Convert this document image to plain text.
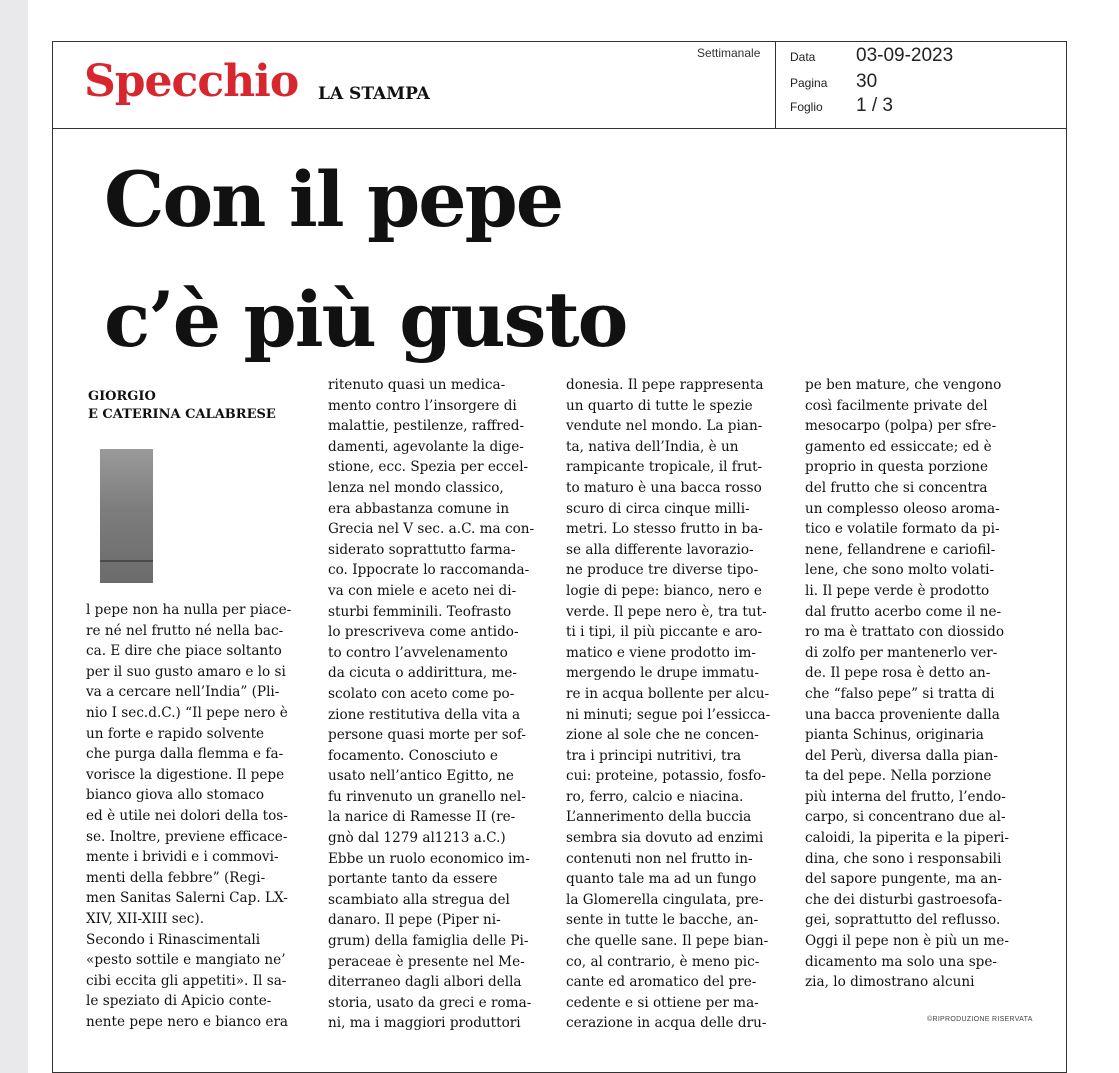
Specchio LA STAMPA
Settimanale Data 03-09-2023
Pagina 30
Foglio 1 / 3
Con il pepe
c’è più gusto

GIORGIO
E CATERINA CALABRESE

l pepe non ha nulla per piace-
re né nel frutto né nella bac-
ca. E dire che piace soltanto
per il suo gusto amaro e lo si
va a cercare nell’India” (Pli-
nio I sec.d.C.) “Il pepe nero è
un forte e rapido solvente
che purga dalla flemma e fa-
vorisce la digestione. Il pepe
bianco giova allo stomaco
ed è utile nei dolori della tos-
se. Inoltre, previene efficace-
mente i brividi e i commovi-
menti della febbre” (Regi-
men Sanitas Salerni Cap. LX-
XIV, XII-XIII sec).
Secondo i Rinascimentali
«pesto sottile e mangiato ne’
cibi eccita gli appetiti». Il sa-
le speziato di Apicio conte-
nente pepe nero e bianco era

ritenuto quasi un medica-
mento contro l’insorgere di
malattie, pestilenze, raffred-
damenti, agevolante la dige-
stione, ecc. Spezia per eccel-
lenza nel mondo classico,
era abbastanza comune in
Grecia nel V sec. a.C. ma con-
siderato soprattutto farma-
co. Ippocrate lo raccomanda-
va con miele e aceto nei di-
sturbi femminili. Teofrasto
lo prescriveva come antido-
to contro l’avvelenamento
da cicuta o addirittura, me-
scolato con aceto come po-
zione restitutiva della vita a
persone quasi morte per sof-
focamento. Conosciuto e
usato nell’antico Egitto, ne
fu rinvenuto un granello nel-
la narice di Ramesse II (re-
gnò dal 1279 al1213 a.C.)
Ebbe un ruolo economico im-
portante tanto da essere
scambiato alla stregua del
danaro. Il pepe (Piper ni-
grum) della famiglia delle Pi-
peraceae è presente nel Me-
diterraneo dagli albori della
storia, usato da greci e roma-
ni, ma i maggiori produttori

donesia. Il pepe rappresenta
un quarto di tutte le spezie
vendute nel mondo. La pian-
ta, nativa dell’India, è un
rampicante tropicale, il frut-
to maturo è una bacca rosso
scuro di circa cinque milli-
metri. Lo stesso frutto in ba-
se alla differente lavorazio-
ne produce tre diverse tipo-
logie di pepe: bianco, nero e
verde. Il pepe nero è, tra tut-
ti i tipi, il più piccante e aro-
matico e viene prodotto im-
mergendo le drupe immatu-
re in acqua bollente per alcu-
ni minuti; segue poi l’essicca-
zione al sole che ne concen-
tra i principi nutritivi, tra
cui: proteine, potassio, fosfo-
ro, ferro, calcio e niacina.
L’annerimento della buccia
sembra sia dovuto ad enzimi
contenuti non nel frutto in-
quanto tale ma ad un fungo
la Glomerella cingulata, pre-
sente in tutte le bacche, an-
che quelle sane. Il pepe bian-
co, al contrario, è meno pic-
cante ed aromatico del pre-
cedente e si ottiene per ma-
cerazione in acqua delle dru-

pe ben mature, che vengono
così facilmente private del
mesocarpo (polpa) per sfre-
gamento ed essiccate; ed è
proprio in questa porzione
del frutto che si concentra
un complesso oleoso aroma-
tico e volatile formato da pi-
nene, fellandrene e cariofil-
lene, che sono molto volati-
li. Il pepe verde è prodotto
dal frutto acerbo come il ne-
ro ma è trattato con diossido
di zolfo per mantenerlo ver-
de. Il pepe rosa è detto an-
che “falso pepe” si tratta di
una bacca proveniente dalla
pianta Schinus, originaria
del Perù, diversa dalla pian-
ta del pepe. Nella porzione
più interna del frutto, l’endo-
carpo, si concentrano due al-
caloidi, la piperita e la piperi-
dina, che sono i responsabili
del sapore pungente, ma an-
che dei disturbi gastroesofa-
gei, soprattutto del reflusso.
Oggi il pepe non è più un me-
dicamento ma solo una spe-
zia, lo dimostrano alcuni

©RIPRODUZIONE RISERVATA
